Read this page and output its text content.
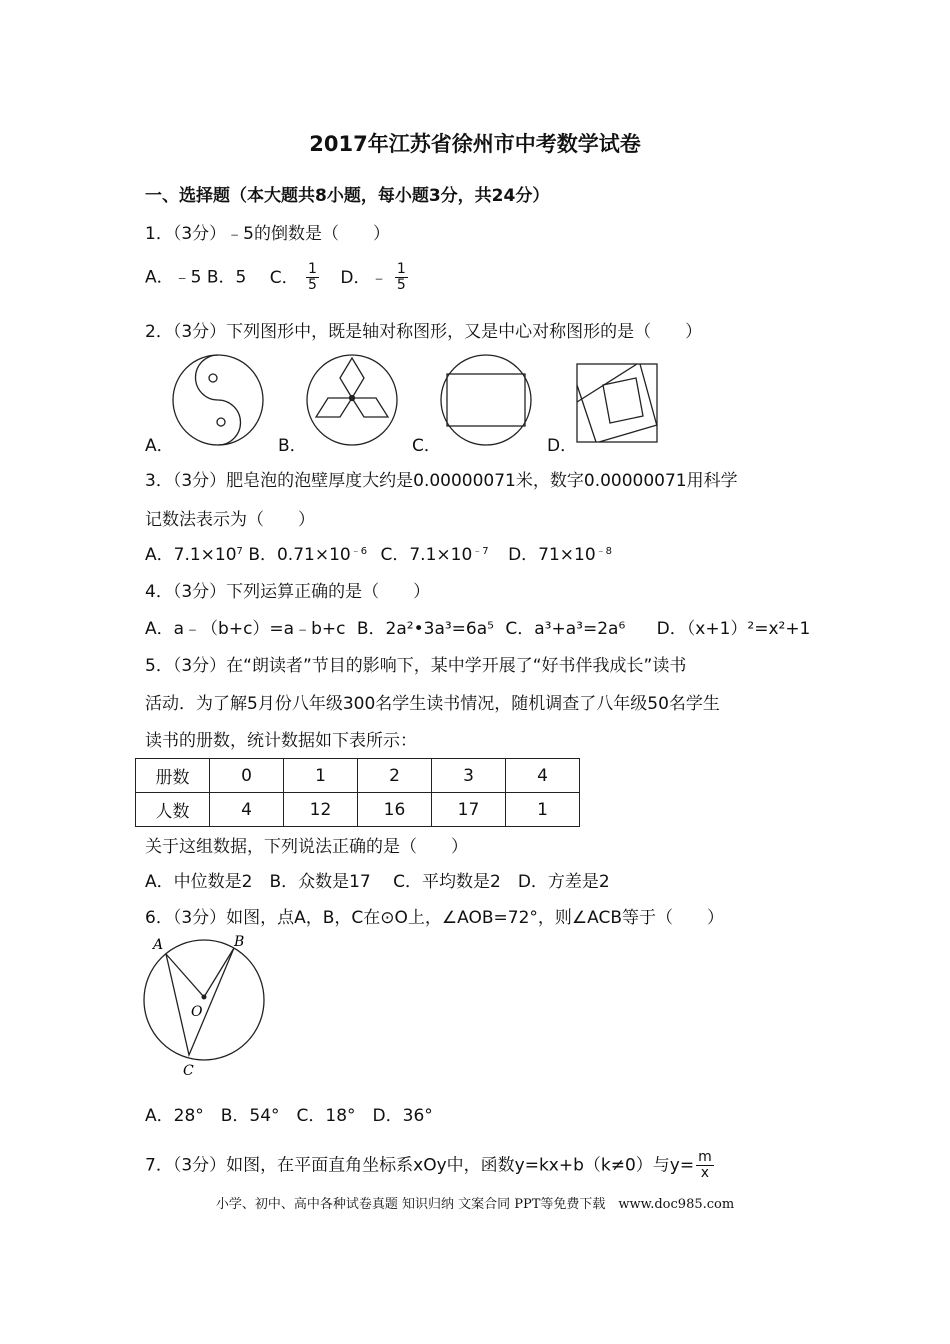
2017年江苏省徐州市中考数学试卷
一、选择题（本大题共8小题，每小题3分，共24分）
1．（3分）﹣5的倒数是（　　）
A．﹣5 B．5 C． $\frac{1}{5}$ D．﹣ $\frac{1}{5}$
2．（3分）下列图形中，既是轴对称图形，又是中心对称图形的是（　　）
A．	B．	C．	D．
3．（3分）肥皂泡的泡壁厚度大约是0.00000071米，数字0.00000071用科学
记数法表示为（　　）
A．$7.1\times 10^7$ B．$0.71\times 10^{﹣6}$ C．$7.1\times 10^{﹣7}$ D．$71\times 10^{﹣8}$
4．（3分）下列运算正确的是（　　）
A．a﹣（b+c）=a﹣b+c B．2a²•3a³=6a⁵ C．a³+a³=2a⁶ D．（x+1）²=x²+1
5．（3分）在“朗读者”节目的影响下，某中学开展了“好书伴我成长”读书
活动．为了解5月份八年级300名学生读书情况，随机调查了八年级50名学生
读书的册数，统计数据如下表所示：
册数	0	1	2	3	4
人数	4	12	16	17	1
关于这组数据，下列说法正确的是（　　）
A．中位数是2　B．众数是17　 C．平均数是2　D．方差是2
6．（3分）如图，点A，B，C在⊙O上，∠AOB=72°，则∠ACB等于（　　）
A	B
O
C
A．28°　B．54°　C．18°　D．36°
7．（3分）如图，在平面直角坐标系xOy中，函数y=kx+b（k≠0）与$y= \frac{m}{x}$
小学、初中、高中各种试卷真题 知识归纳 文案合同 PPT等免费下载　www.doc985.com
